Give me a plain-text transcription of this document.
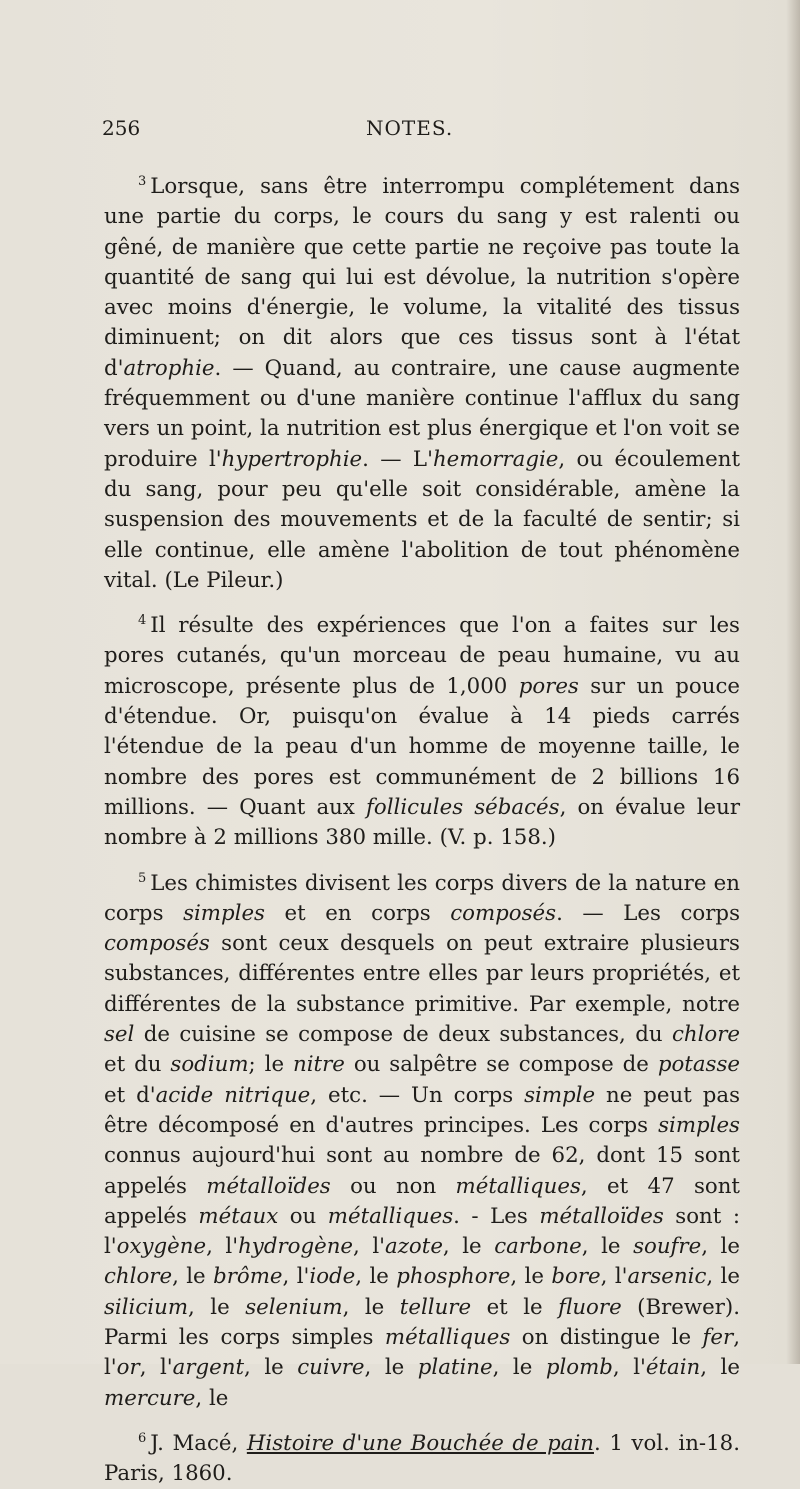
256	NOTES.

$^3$ Lorsque, sans être interrompu complétement dans une partie du corps, le cours du sang y est ralenti ou gêné, de manière que cette partie ne reçoive pas toute la quantité de sang qui lui est dévolue, la nutrition s'opère avec moins d'énergie, le volume, la vitalité des tissus diminuent; on dit alors que ces tissus sont à l'état d'atrophie. — Quand, au contraire, une cause augmente fréquemment ou d'une manière continue l'afflux du sang vers un point, la nutrition est plus énergique et l'on voit se produire l'hypertrophie. — L'hemorragie, ou écoulement du sang, pour peu qu'elle soit considérable, amène la suspension des mouvements et de la faculté de sentir; si elle continue, elle amène l'abolition de tout phénomène vital. (Le Pileur.)

$^4$ Il résulte des expériences que l'on a faites sur les pores cutanés, qu'un morceau de peau humaine, vu au microscope, présente plus de 1,000 pores sur un pouce d'étendue. Or, puisqu'on évalue à 14 pieds carrés l'étendue de la peau d'un homme de moyenne taille, le nombre des pores est communément de 2 billions 16 millions. — Quant aux follicules sébacés, on évalue leur nombre à 2 millions 380 mille. (V. p. 158.)

$^5$ Les chimistes divisent les corps divers de la nature en corps simples et en corps composés. — Les corps composés sont ceux desquels on peut extraire plusieurs substances, différentes entre elles par leurs propriétés, et différentes de la substance primitive. Par exemple, notre sel de cuisine se compose de deux substances, du chlore et du sodium; le nitre ou salpêtre se compose de potasse et d'acide nitrique, etc. — Un corps simple ne peut pas être décomposé en d'autres principes. Les corps simples connus aujourd'hui sont au nombre de 62, dont 15 sont appelés métalloïdes ou non métalliques, et 47 sont appelés métaux ou métalliques. - Les métalloïdes sont : l'oxygène, l'hydrogène, l'azote, le carbone, le soufre, le chlore, le brôme, l'iode, le phosphore, le bore, l'arsenic, le silicium, le selenium, le tellure et le fluore (Brewer). Parmi les corps simples métalliques on distingue le fer, l'or, l'argent, le cuivre, le platine, le plomb, l'étain, le mercure, le

$^6$ J. Macé, Histoire d'une Bouchée de pain. 1 vol. in-18. Paris, 1860.
